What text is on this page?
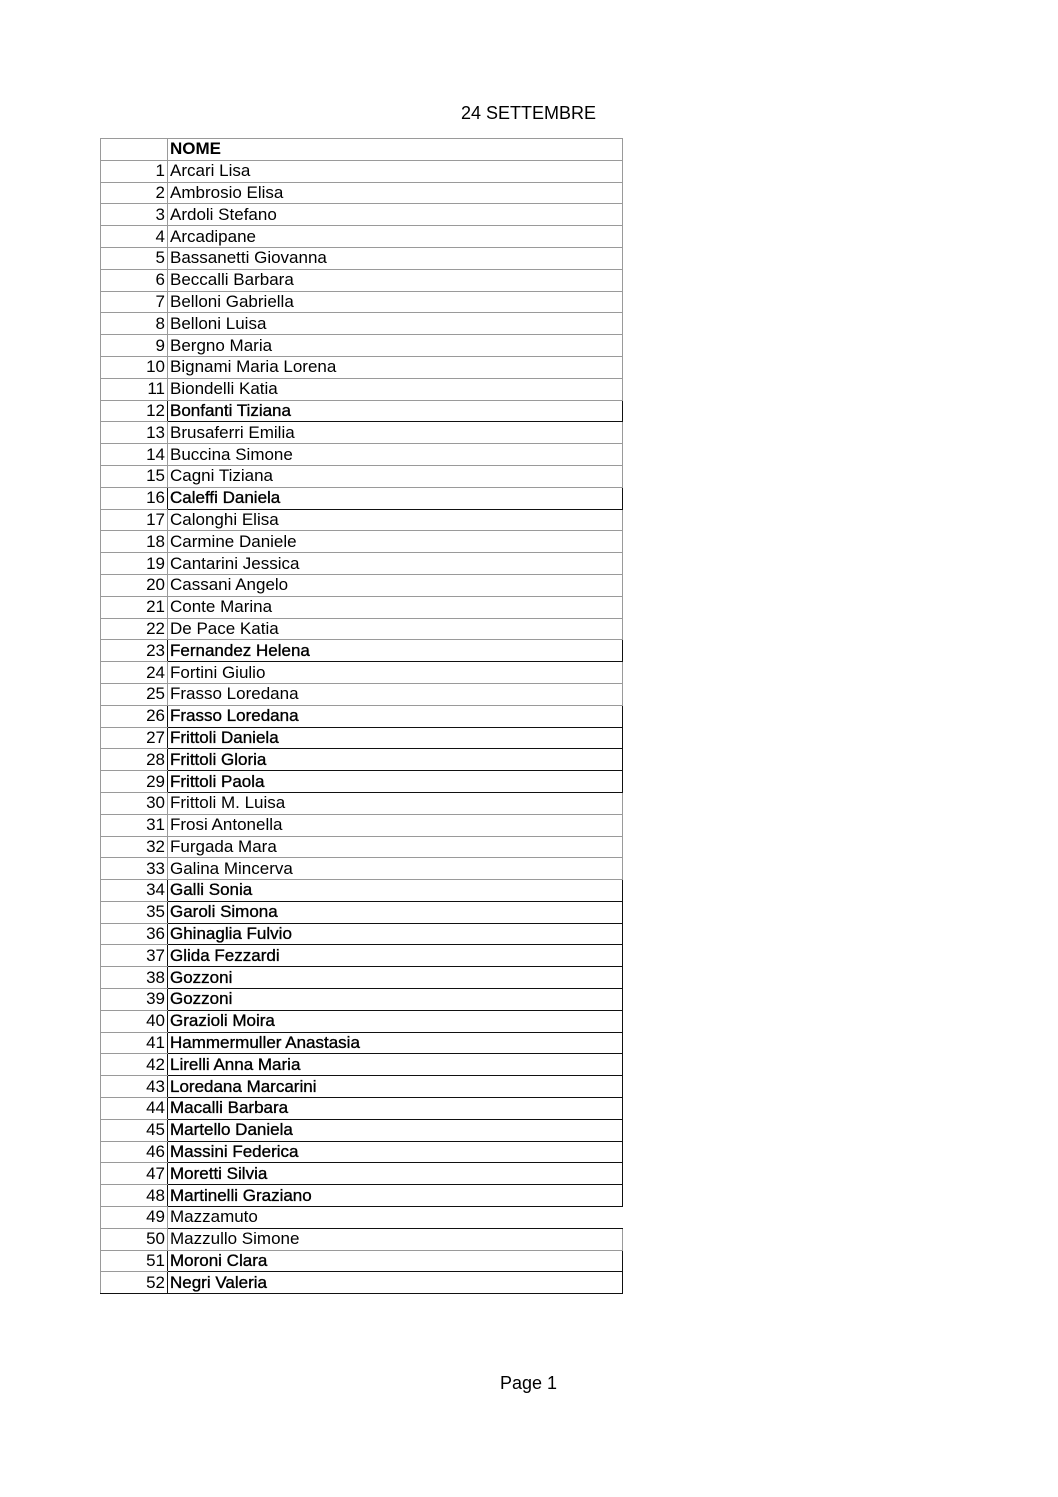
24 SETTEMBRE
	NOME
1	Arcari Lisa
2	Ambrosio Elisa
3	Ardoli Stefano
4	Arcadipane
5	Bassanetti Giovanna
6	Beccalli Barbara
7	Belloni Gabriella
8	Belloni Luisa
9	Bergno Maria
10	Bignami Maria Lorena
11	Biondelli Katia
12	Bonfanti Tiziana
13	Brusaferri Emilia
14	Buccina Simone
15	Cagni Tiziana
16	Caleffi Daniela
17	Calonghi Elisa
18	Carmine Daniele
19	Cantarini Jessica
20	Cassani Angelo
21	Conte Marina
22	De Pace Katia
23	Fernandez Helena
24	Fortini Giulio
25	Frasso Loredana
26	Frasso Loredana
27	Frittoli Daniela
28	Frittoli Gloria
29	Frittoli Paola
30	Frittoli M. Luisa
31	Frosi Antonella
32	Furgada Mara
33	Galina Mincerva
34	Galli Sonia
35	Garoli Simona
36	Ghinaglia Fulvio
37	Glida Fezzardi
38	Gozzoni
39	Gozzoni
40	Grazioli Moira
41	Hammermuller Anastasia
42	Lirelli Anna Maria
43	Loredana Marcarini
44	Macalli Barbara
45	Martello Daniela
46	Massini Federica
47	Moretti Silvia
48	Martinelli Graziano
49	Mazzamuto
50	Mazzullo Simone
51	Moroni Clara
52	Negri Valeria
Page 1
